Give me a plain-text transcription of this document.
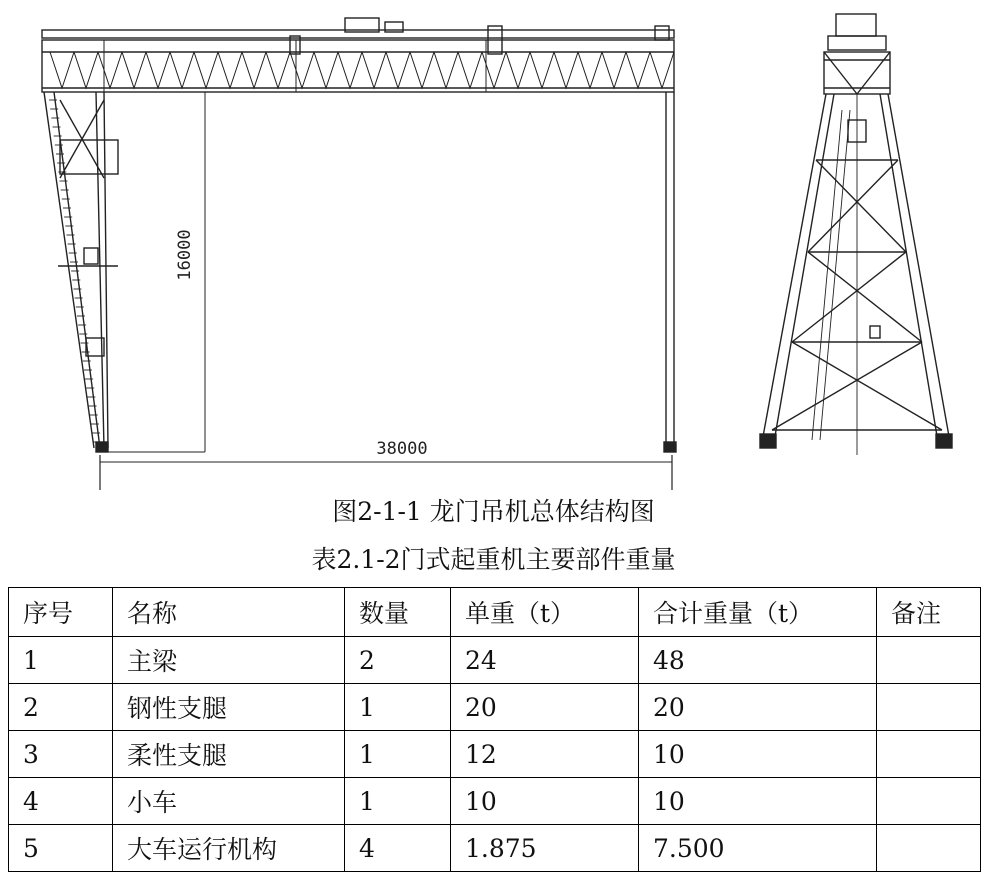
16000
38000
图2-1-1 龙门吊机总体结构图
表2.1-2门式起重机主要部件重量
序号	名称	数量	单重（t）	合计重量（t）	备注
1	主梁	2	24	48	
2	钢性支腿	1	20	20	
3	柔性支腿	1	12	10	
4	小车	1	10	10	
5	大车运行机构	4	1.875	7.500	
